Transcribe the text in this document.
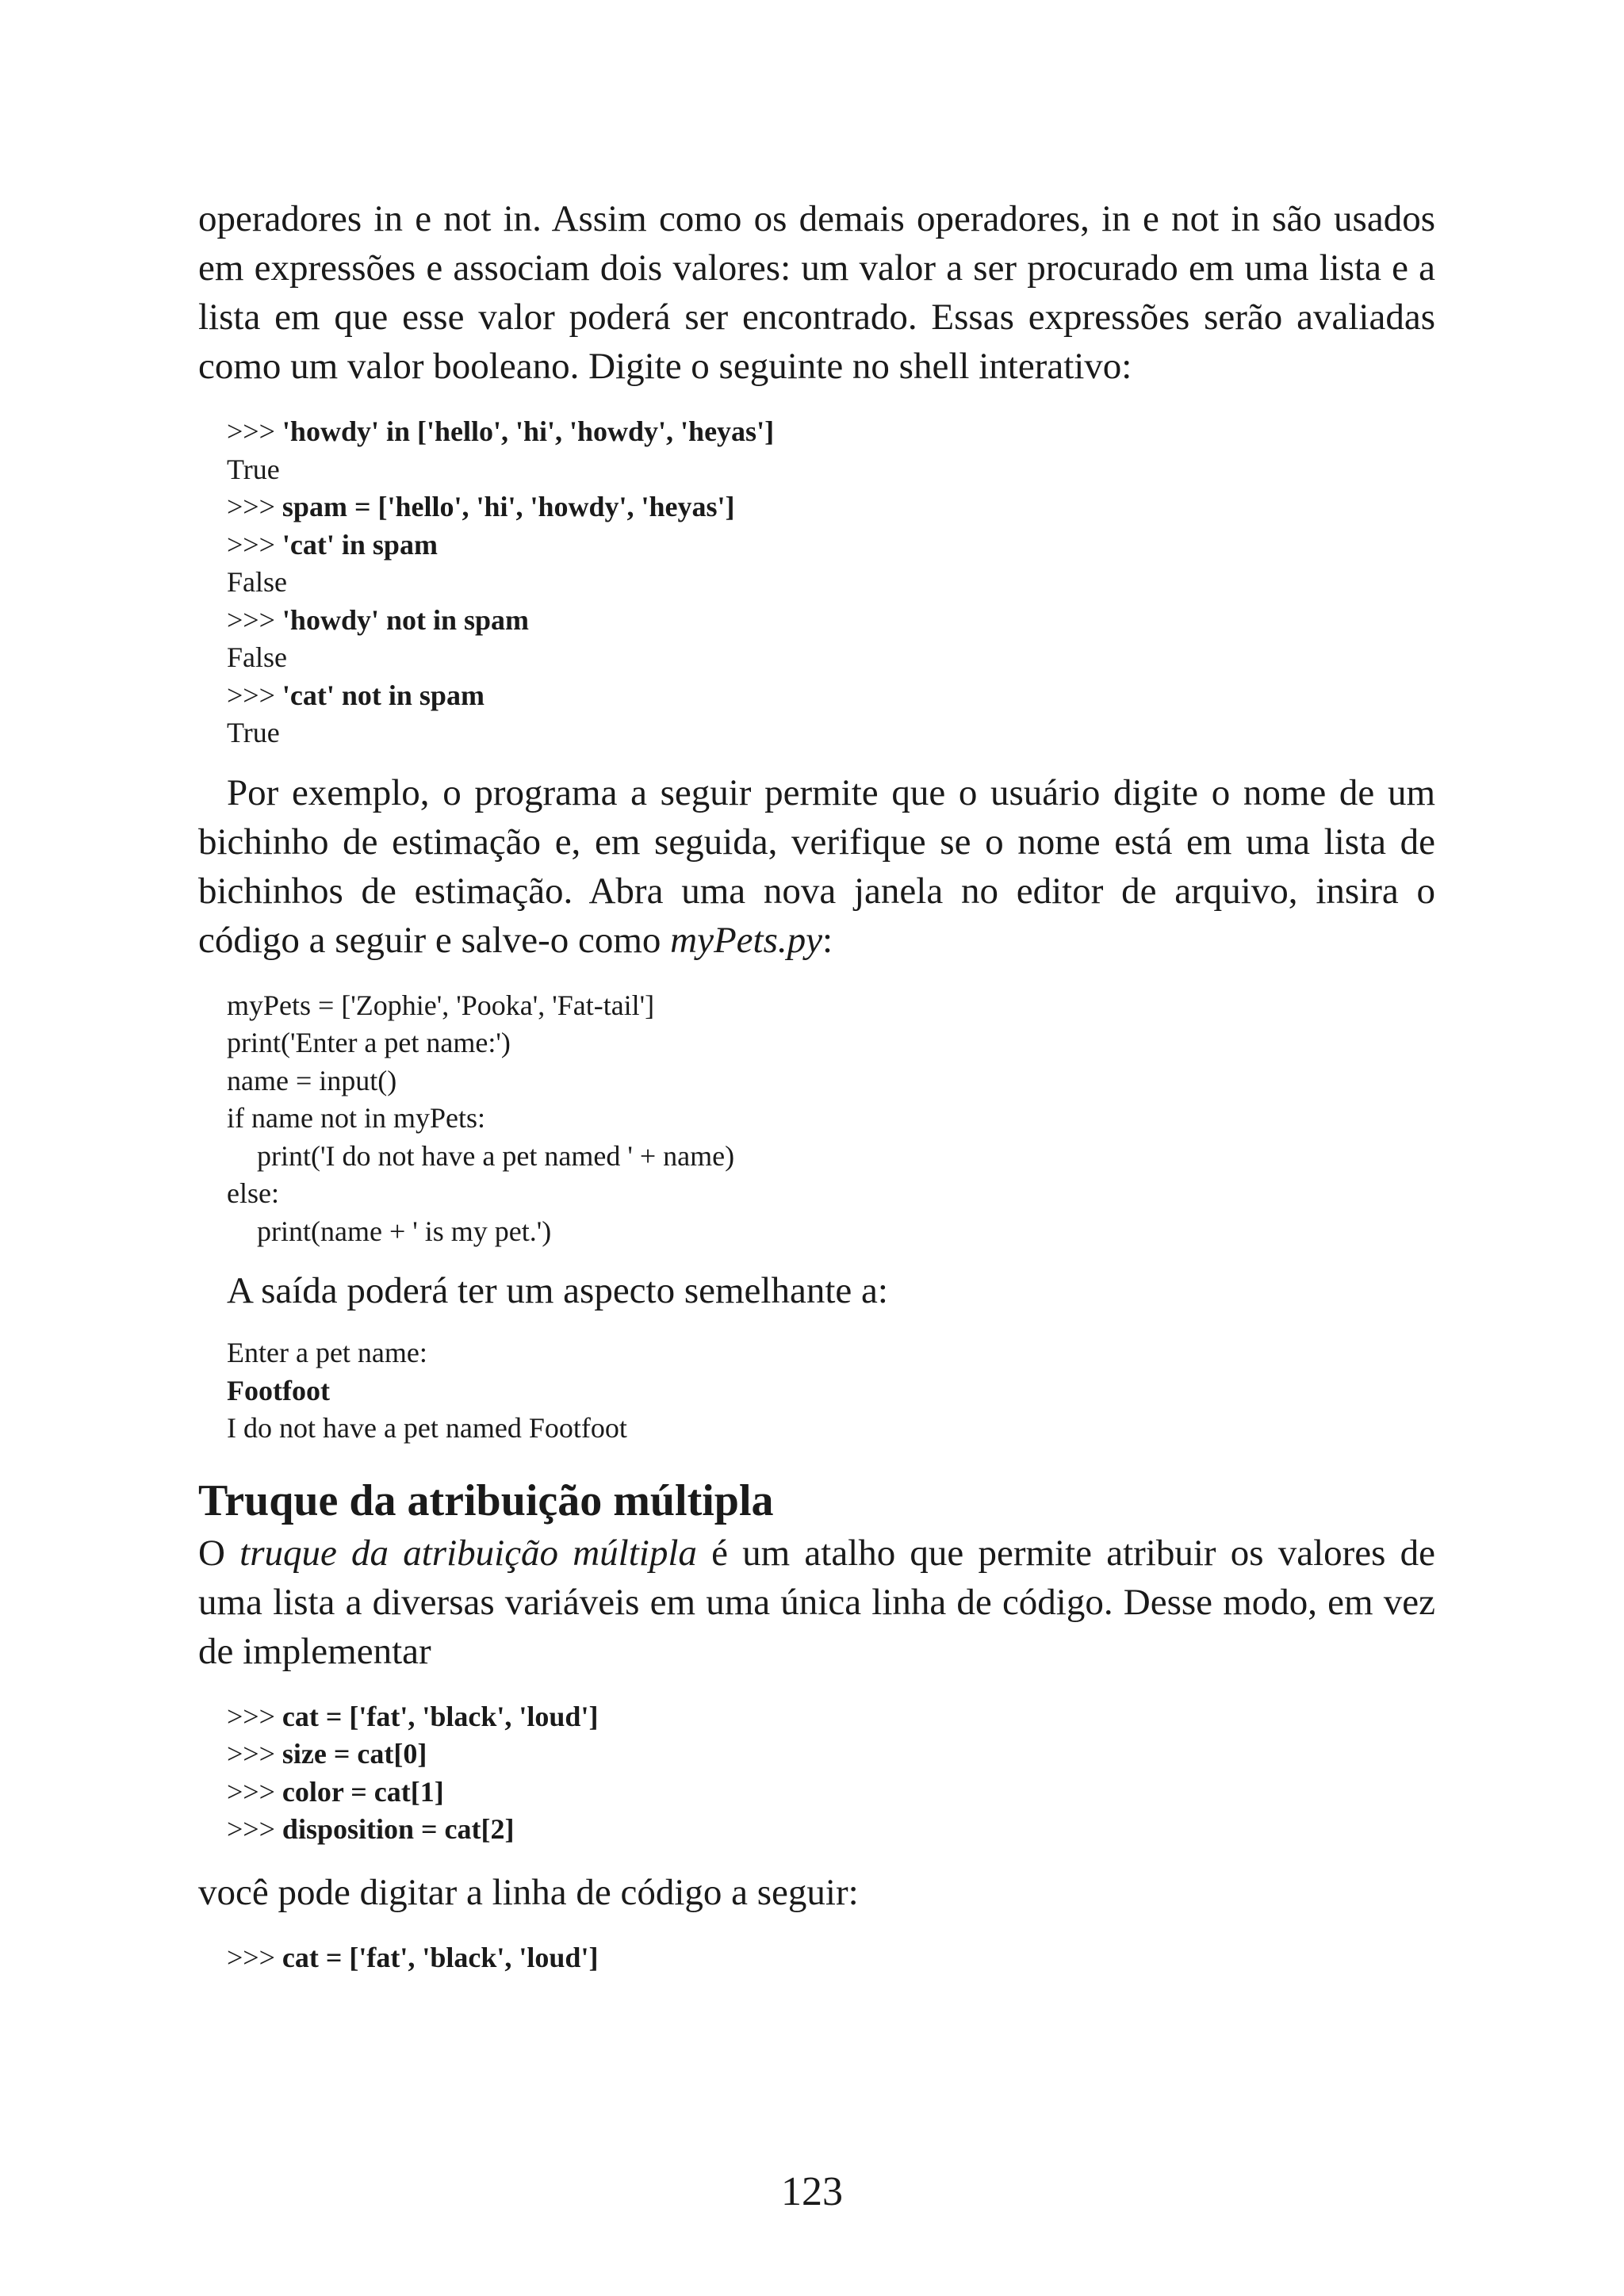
operadores in e not in. Assim como os demais operadores, in e not in são usados em expressões e associam dois valores: um valor a ser procurado em uma lista e a lista em que esse valor poderá ser encontrado. Essas expressões serão avaliadas como um valor booleano. Digite o seguinte no shell interativo:

>>> 'howdy' in ['hello', 'hi', 'howdy', 'heyas']
True
>>> spam = ['hello', 'hi', 'howdy', 'heyas']
>>> 'cat' in spam
False
>>> 'howdy' not in spam
False
>>> 'cat' not in spam
True

Por exemplo, o programa a seguir permite que o usuário digite o nome de um bichinho de estimação e, em seguida, verifique se o nome está em uma lista de bichinhos de estimação. Abra uma nova janela no editor de arquivo, insira o código a seguir e salve-o como myPets.py:

myPets = ['Zophie', 'Pooka', 'Fat-tail']
print('Enter a pet name:')
name = input()
if name not in myPets:
print('I do not have a pet named ' + name)
else:
print(name + ' is my pet.')

A saída poderá ter um aspecto semelhante a:

Enter a pet name:
Footfoot
I do not have a pet named Footfoot
Truque da atribuição múltipla

O truque da atribuição múltipla é um atalho que permite atribuir os valores de uma lista a diversas variáveis em uma única linha de código. Desse modo, em vez de implementar

>>> cat = ['fat', 'black', 'loud']
>>> size = cat[0]
>>> color = cat[1]
>>> disposition = cat[2]

você pode digitar a linha de código a seguir:

>>> cat = ['fat', 'black', 'loud']
123
